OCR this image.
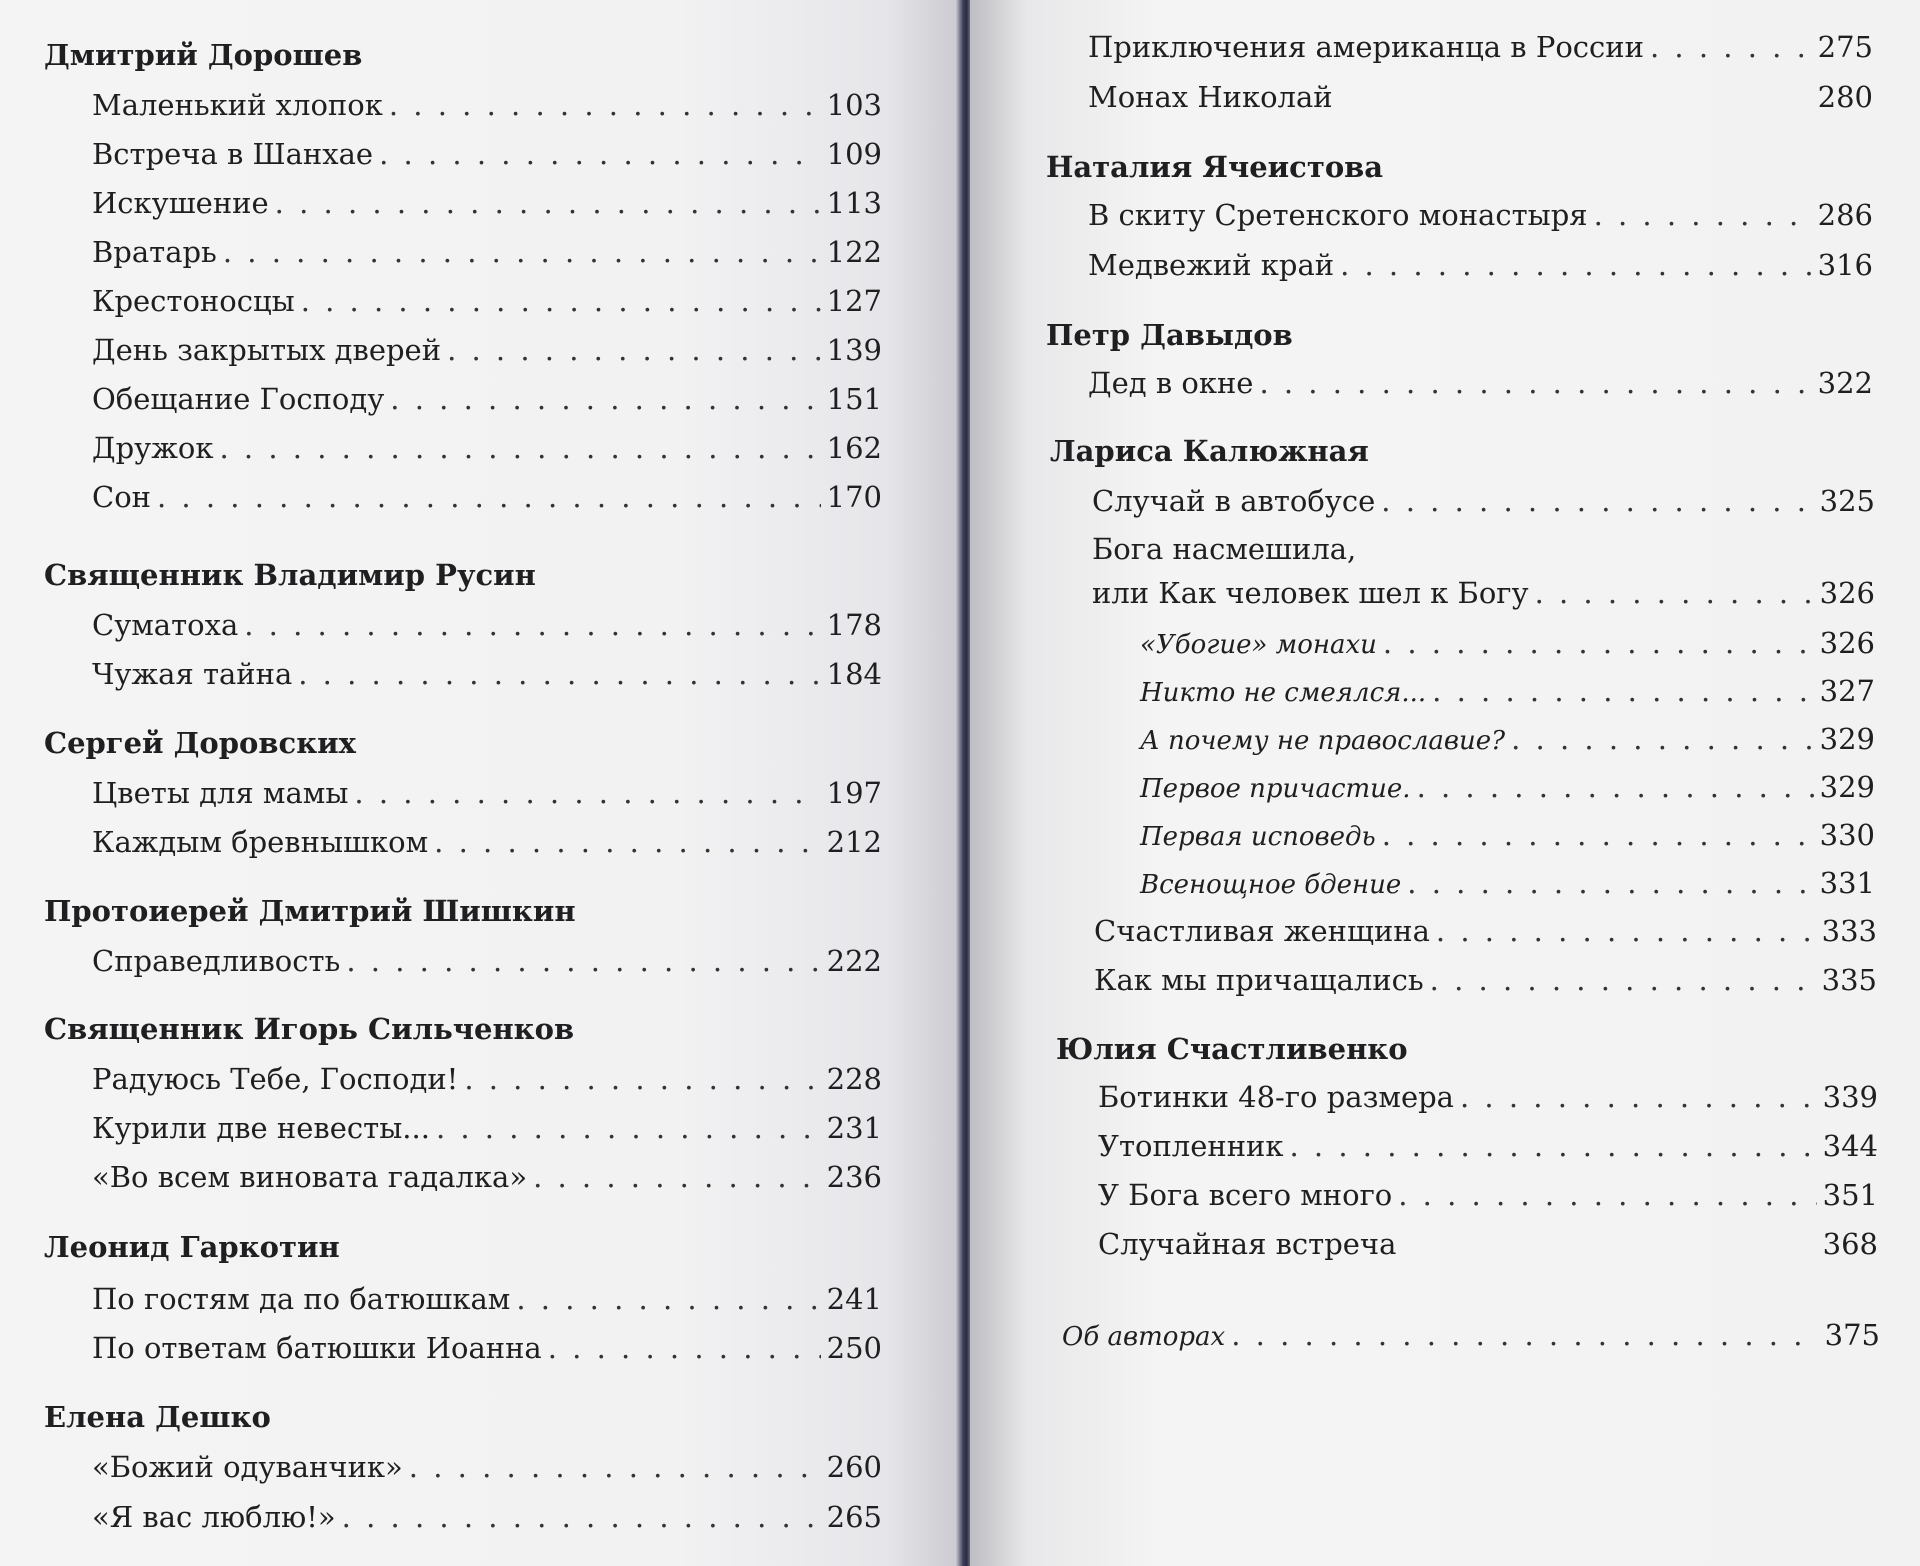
Дмитрий Дорошев
Маленький хлопок . . .	103
Встреча в Шанхае . . .	109
Искушение . . .	113
Вратарь . . .	122
Крестоносцы . . .	127
День закрытых дверей . . .	139
Обещание Господу . . .	151
Дружок . . .	162
Сон . . .	170
Священник Владимир Русин
Суматоха . . .	178
Чужая тайна . . .	184
Сергей Доровских
Цветы для мамы . . .	197
Каждым бревнышком . . .	212
Протоиерей Дмитрий Шишкин
Справедливость . . .	222
Священник Игорь Сильченков
Радуюсь Тебе, Господи! . . .	228
Курили две невесты... . . .	231
«Во всем виновата гадалка» . . .	236
Леонид Гаркотин
По гостям да по батюшкам . . .	241
По ответам батюшки Иоанна . . .	250
Елена Дешко
«Божий одуванчик» . . .	260
«Я вас люблю!» . . .	265
Приключения американца в России . . .	275
Монах Николай	280
Наталия Ячеистова
В скиту Сретенского монастыря . . .	286
Медвежий край . . .	316
Петр Давыдов
Дед в окне . . .	322
Лариса Калюжная
Случай в автобусе . . .	325
Бога насмешила,
или Как человек шел к Богу . . .	326
«Убогие» монахи . . .	326
Никто не смеялся... . . .	327
А почему не православие? . . .	329
Первое причастие. . . .	329
Первая исповедь . . .	330
Всенощное бдение . . .	331
Счастливая женщина . . .	333
Как мы причащались . . .	335
Юлия Счастливенко
Ботинки 48-го размера . . .	339
Утопленник . . .	344
У Бога всего много . . .	351
Случайная встреча	368
Об авторах . . .	375
